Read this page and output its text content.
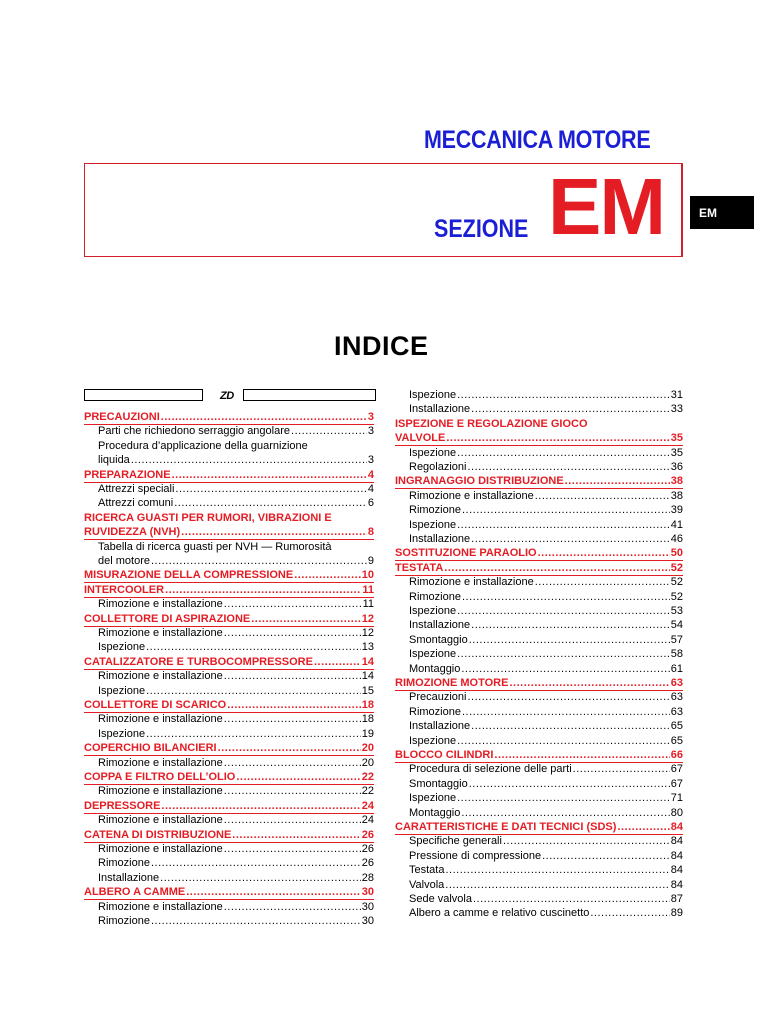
MECCANICA MOTORE
SEZIONE EM	EM
INDICE
ZD
PRECAUZIONI .....	3
Parti che richiedono serraggio angolare .....	3
Procedura d’applicazione della guarnizione
liquida .....	3
PREPARAZIONE .....	4
Attrezzi speciali .....	4
Attrezzi comuni .....	6
RICERCA GUASTI PER RUMORI, VIBRAZIONI E
RUVIDEZZA (NVH) .....	8
Tabella di ricerca guasti per NVH — Rumorosità
del motore .....	9
MISURAZIONE DELLA COMPRESSIONE .....	10
INTERCOOLER .....	11
Rimozione e installazione .....	11
COLLETTORE DI ASPIRAZIONE .....	12
Rimozione e installazione .....	12
Ispezione .....	13
CATALIZZATORE E TURBOCOMPRESSORE .....	14
Rimozione e installazione .....	14
Ispezione .....	15
COLLETTORE DI SCARICO .....	18
Rimozione e installazione .....	18
Ispezione .....	19
COPERCHIO BILANCIERI .....	20
Rimozione e installazione .....	20
COPPA E FILTRO DELL’OLIO .....	22
Rimozione e installazione .....	22
DEPRESSORE .....	24
Rimozione e installazione .....	24
CATENA DI DISTRIBUZIONE .....	26
Rimozione e installazione .....	26
Rimozione .....	26
Installazione .....	28
ALBERO A CAMME .....	30
Rimozione e installazione .....	30
Rimozione .....	30
Ispezione .....	31
Installazione .....	33
ISPEZIONE E REGOLAZIONE GIOCO
VALVOLE .....	35
Ispezione .....	35
Regolazioni .....	36
INGRANAGGIO DISTRIBUZIONE .....	38
Rimozione e installazione .....	38
Rimozione .....	39
Ispezione .....	41
Installazione .....	46
SOSTITUZIONE PARAOLIO .....	50
TESTATA .....	52
Rimozione e installazione .....	52
Rimozione .....	52
Ispezione .....	53
Installazione .....	54
Smontaggio .....	57
Ispezione .....	58
Montaggio .....	61
RIMOZIONE MOTORE .....	63
Precauzioni .....	63
Rimozione .....	63
Installazione .....	65
Ispezione .....	65
BLOCCO CILINDRI .....	66
Procedura di selezione delle parti .....	67
Smontaggio .....	67
Ispezione .....	71
Montaggio .....	80
CARATTERISTICHE E DATI TECNICI (SDS) .....	84
Specifiche generali .....	84
Pressione di compressione .....	84
Testata .....	84
Valvola .....	84
Sede valvola .....	87
Albero a camme e relativo cuscinetto .....	89
